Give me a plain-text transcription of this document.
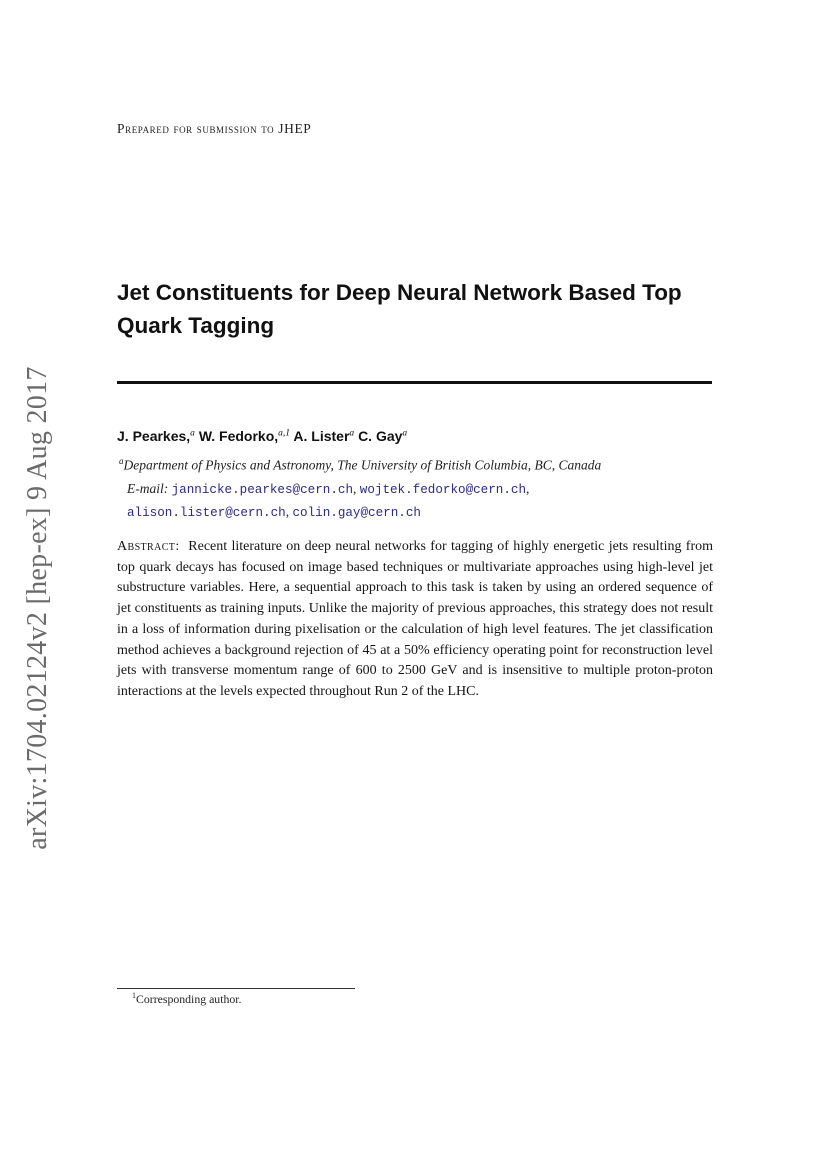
arXiv:1704.02124v2 [hep-ex] 9 Aug 2017
Prepared for submission to JHEP
Jet Constituents for Deep Neural Network Based Top
Quark Tagging
J. Pearkes,$^a$ W. Fedorko,$^{a,1}$ A. Lister$^a$ C. Gay$^a$
$^a$Department of Physics and Astronomy, The University of British Columbia, BC, Canada
E-mail: jannicke.pearkes@cern.ch, wojtek.fedorko@cern.ch,
alison.lister@cern.ch, colin.gay@cern.ch
Abstract: Recent literature on deep neural networks for tagging of highly energetic jets resulting from top quark decays has focused on image based techniques or multivariate approaches using high-level jet substructure variables. Here, a sequential approach to this task is taken by using an ordered sequence of jet constituents as training inputs. Unlike the majority of previous approaches, this strategy does not result in a loss of information during pixelisation or the calculation of high level features. The jet classification method achieves a background rejection of 45 at a 50% efficiency operating point for reconstruction level jets with transverse momentum range of 600 to 2500 GeV and is insensitive to multiple proton-proton interactions at the levels expected throughout Run 2 of the LHC.
$^1$Corresponding author.
